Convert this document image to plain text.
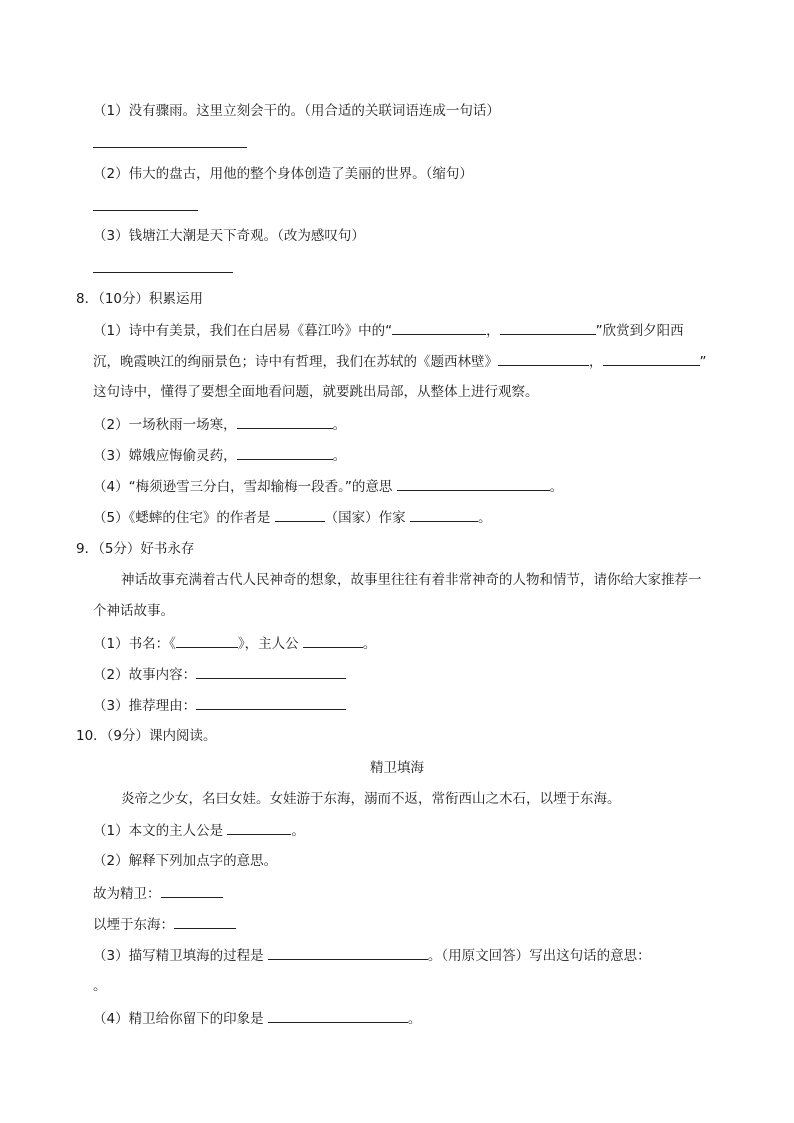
（1）没有骤雨。这里立刻会干的。（用合适的关联词语连成一句话）
（2）伟大的盘古，用他的整个身体创造了美丽的世界。（缩句）
（3）钱塘江大潮是天下奇观。（改为感叹句）
8．（10分）积累运用
（1）诗中有美景，我们在白居易《暮江吟》中的“	，	”欣赏到夕阳西
沉，晚霞映江的绚丽景色；诗中有哲理，我们在苏轼的《题西林壁》	，	”
这句诗中，懂得了要想全面地看问题，就要跳出局部，从整体上进行观察。
（2）一场秋雨一场寒，	。
（3）嫦娥应悔偷灵药，	。
（4）“梅须逊雪三分白，雪却输梅一段香。”的意思	。
（5）《蟋蟀的住宅》的作者是	（国家）作家	。
9．（5分）好书永存
神话故事充满着古代人民神奇的想象，故事里往往有着非常神奇的人物和情节，请你给大家推荐一
个神话故事。
（1）书名：《	》，主人公	。
（2）故事内容：
（3）推荐理由：
10．（9分）课内阅读。
精卫填海
炎帝之少女，名曰女娃。女娃游于东海，溺而不返，常衔西山之木石，以堙于东海。
（1）本文的主人公是	。
（2）解释下列加点字的意思。
故为精卫：
以堙于东海：
（3）描写精卫填海的过程是	。（用原文回答）写出这句话的意思：
。
（4）精卫给你留下的印象是	。
